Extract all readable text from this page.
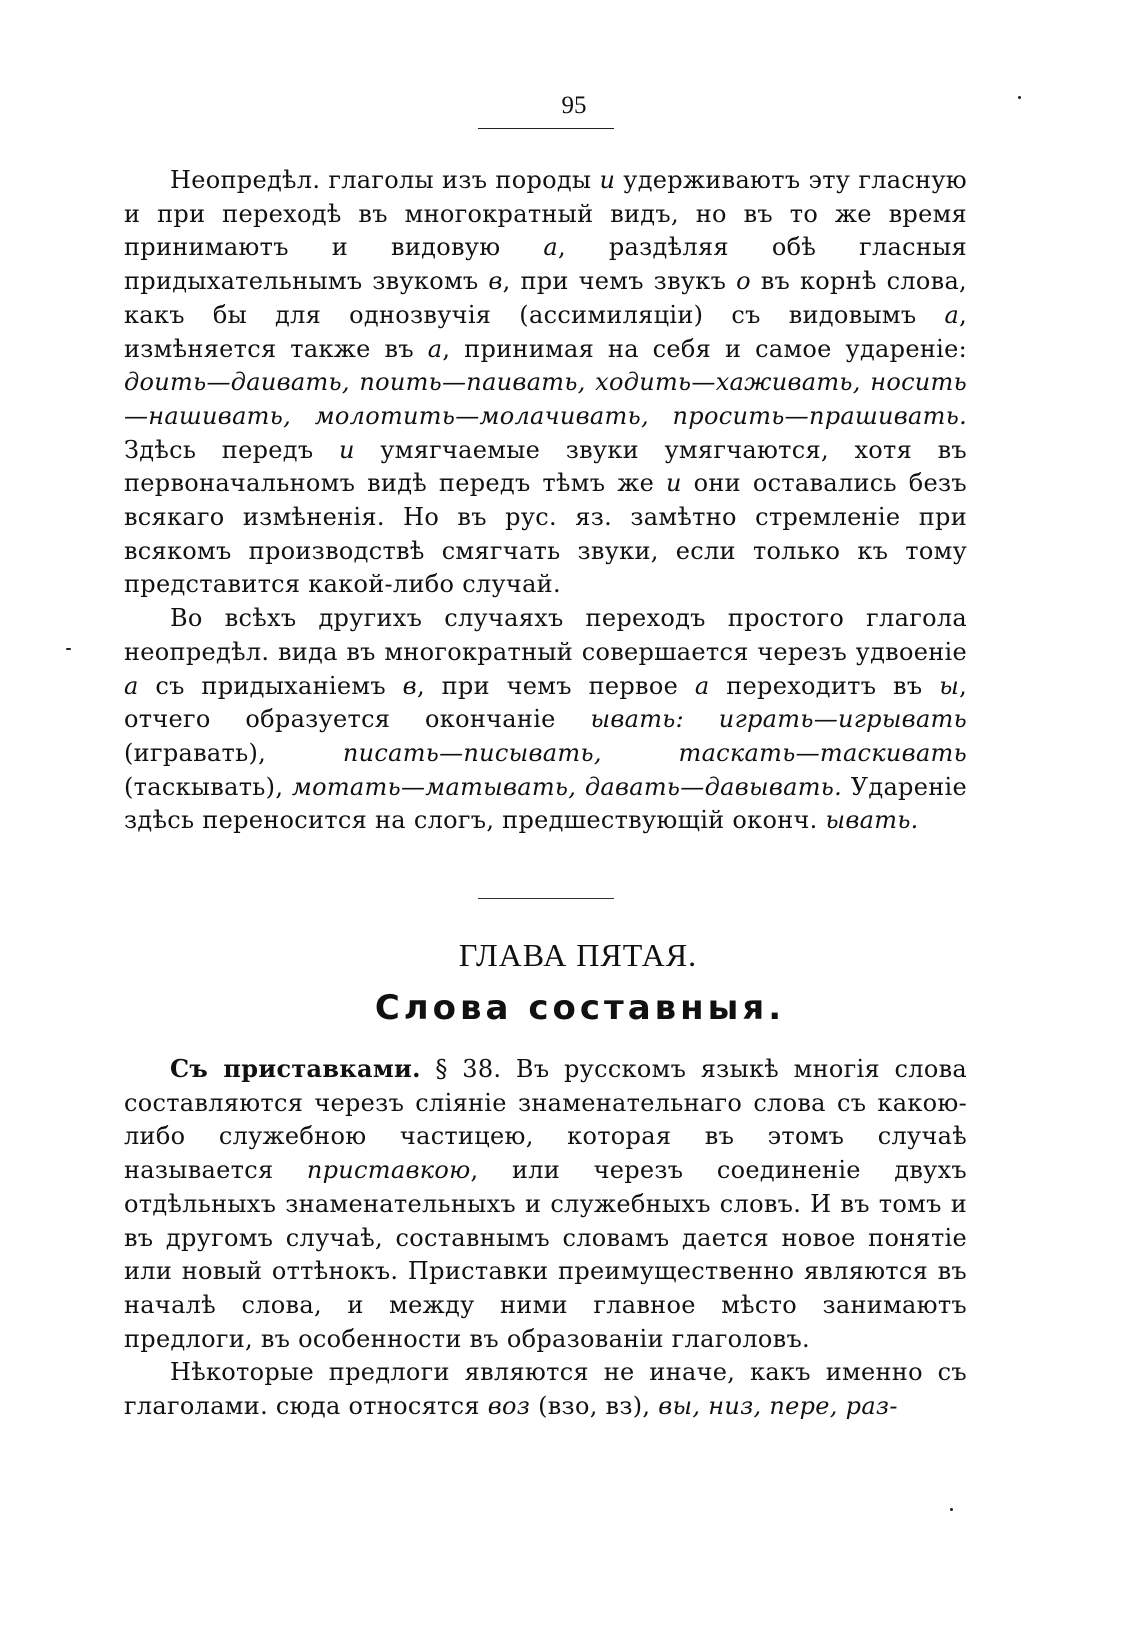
95

Неопредѣл. глаголы изъ породы и удерживаютъ эту гласную и при переходѣ въ многократный видъ, но въ то же время принимаютъ и видовую а, раздѣляя обѣ гласныя придыхательнымъ звукомъ в, при чемъ звукъ о въ корнѣ слова, какъ бы для однозвучія (ассимиляціи) съ видовымъ а, измѣняется также въ а, принимая на себя и самое удареніе: доить—даивать, поить—паивать, ходить—хаживать, носить—нашивать, молотить—молачивать, просить—прашивать. Здѣсь передъ и умягчаемые звуки умягчаются, хотя въ первоначальномъ видѣ передъ тѣмъ же и они оставались безъ всякаго измѣненія. Но въ рус. яз. замѣтно стремленіе при всякомъ производствѣ смягчать звуки, если только къ тому представится какой-либо случай.

Во всѣхъ другихъ случаяхъ переходъ простого глагола неопредѣл. вида въ многократный совершается черезъ удвоеніе а съ придыханіемъ в, при чемъ первое а переходитъ въ ы, отчего образуется окончаніе ывать: играть—игрывать (игравать), писать—писывать, таскать—таскивать (таскывать), мотать—матывать, давать—давывать. Удареніе здѣсь переносится на слогъ, предшествующій оконч. ывать.

ГЛАВА ПЯТАЯ.
Слова составныя.

Съ приставками. § 38. Въ русскомъ языкѣ многія слова составляются черезъ сліяніе знаменательнаго слова съ какою-либо служебною частицею, которая въ этомъ случаѣ называется приставкою, или черезъ соединеніе двухъ отдѣльныхъ знаменательныхъ и служебныхъ словъ. И въ томъ и въ другомъ случаѣ, составнымъ словамъ дается новое понятіе или новый оттѣнокъ. Приставки преимущественно являются въ началѣ слова, и между ними главное мѣсто занимаютъ предлоги, въ особенности въ образованіи глаголовъ.

Нѣкоторые предлоги являются не иначе, какъ именно съ глаголами. сюда относятся воз (взо, вз), вы, низ, пере, раз-
